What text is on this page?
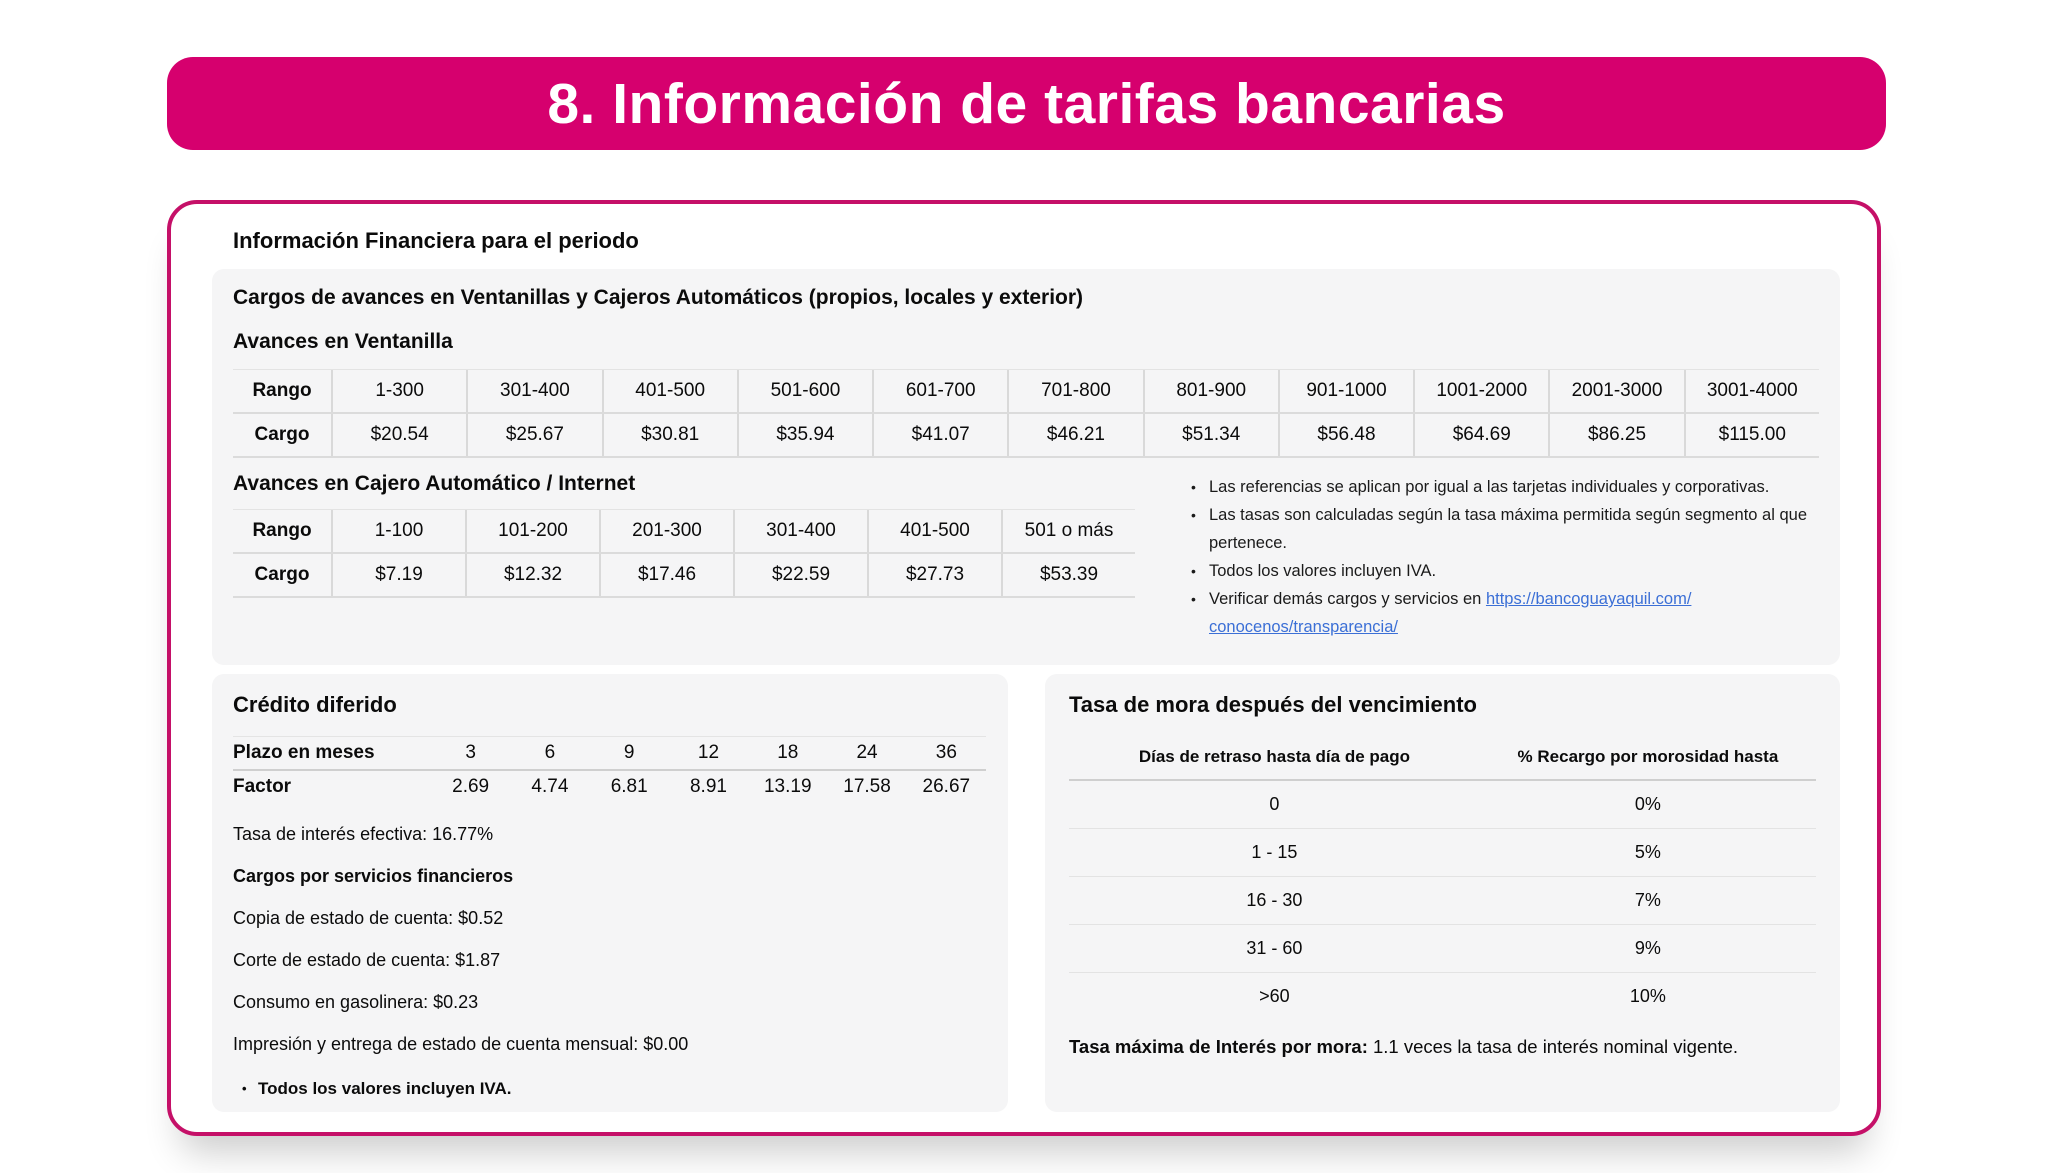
8. Información de tarifas bancarias
Información Financiera para el periodo
Cargos de avances en Ventanillas y Cajeros Automáticos (propios, locales y exterior)
Avances en Ventanilla
Rango	1-300	301-400	401-500	501-600	601-700	701-800	801-900	901-1000	1001-2000	2001-3000	3001-4000
Cargo	$20.54	$25.67	$30.81	$35.94	$41.07	$46.21	$51.34	$56.48	$64.69	$86.25	$115.00
Avances en Cajero Automático / Internet
Rango	1-100	101-200	201-300	301-400	401-500	501 o más
Cargo	$7.19	$12.32	$17.46	$22.59	$27.73	$53.39
• Las referencias se aplican por igual a las tarjetas individuales y corporativas.
• Las tasas son calculadas según la tasa máxima permitida según segmento al que pertenece.
• Todos los valores incluyen IVA.
• Verificar demás cargos y servicios en https://bancoguayaquil.com/
conocenos/transparencia/
Crédito diferido
Plazo en meses	3	6	9	12	18	24	36
Factor	2.69	4.74	6.81	8.91	13.19	17.58	26.67

Tasa de interés efectiva: 16.77%

Cargos por servicios financieros

Copia de estado de cuenta: $0.52

Corte de estado de cuenta: $1.87

Consumo en gasolinera: $0.23

Impresión y entrega de estado de cuenta mensual: $0.00

• Todos los valores incluyen IVA.
Tasa de mora después del vencimiento
Días de retraso hasta día de pago	% Recargo por morosidad hasta
0	0%
1 - 15	5%
16 - 30	7%
31 - 60	9%
>60	10%

Tasa máxima de Interés por mora: 1.1 veces la tasa de interés nominal vigente.
